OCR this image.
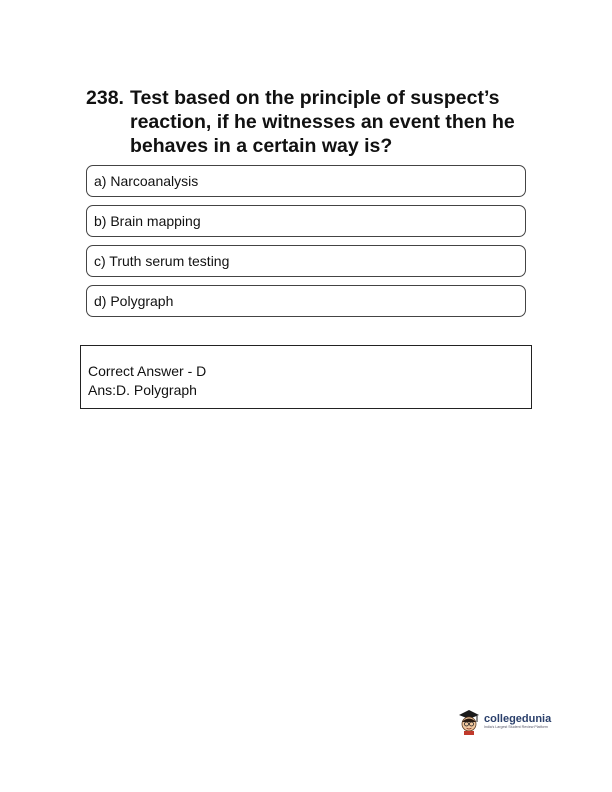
238. Test based on the principle of suspect’s reaction, if he witnesses an event then he behaves in a certain way is?
a) Narcoanalysis
b) Brain mapping
c) Truth serum testing
d) Polygraph
Correct Answer - D
Ans:D. Polygraph
collegedunia
India's Largest Student Review Platform
